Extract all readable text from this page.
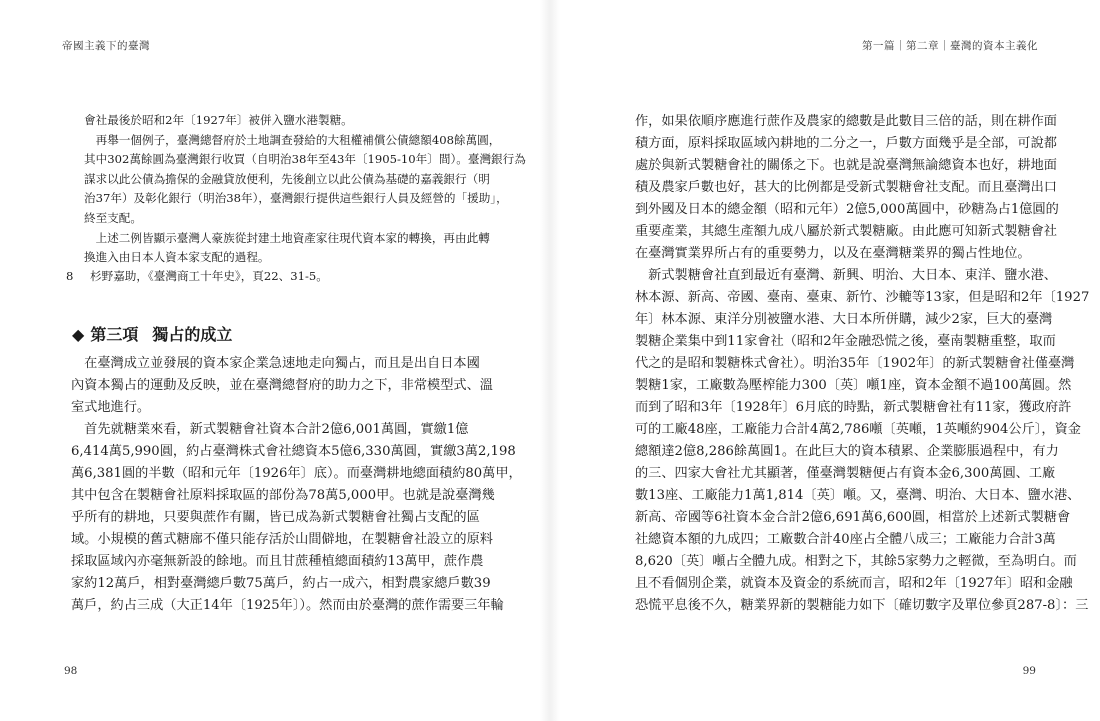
帝國主義下的臺灣
會社最後於昭和2年〔1927年〕被併入鹽水港製糖。
　再舉一個例子，臺灣總督府於土地調查發給的大租權補償公債總額408餘萬圓，
其中302萬餘圓為臺灣銀行收買（自明治38年至43年〔1905-10年〕間）。臺灣銀行為
謀求以此公債為擔保的金融貸放便利，先後創立以此公債為基礎的嘉義銀行（明
治37年）及彰化銀行（明治38年），臺灣銀行提供這些銀行人員及經營的「援助」，
終至支配。
　上述二例皆顯示臺灣人豪族從封建土地資產家往現代資本家的轉換，再由此轉
換進入由日本人資本家支配的過程。
8 杉野嘉助，《臺灣商工十年史》，頁22、31-5。
◆ 第三項 獨占的成立
　在臺灣成立並發展的資本家企業急速地走向獨占，而且是出自日本國
內資本獨占的運動及反映，並在臺灣總督府的助力之下，非常模型式、溫
室式地進行。
　首先就糖業來看，新式製糖會社資本合計2億6,001萬圓，實繳1億
6,414萬5,990圓，約占臺灣株式會社總資本5億6,330萬圓，實繳3萬2,198
萬6,381圓的半數（昭和元年〔1926年〕底）。而臺灣耕地總面積約80萬甲，
其中包含在製糖會社原料採取區的部份為78萬5,000甲。也就是說臺灣幾
乎所有的耕地，只要與蔗作有關，皆已成為新式製糖會社獨占支配的區
域。小規模的舊式糖廍不僅只能存活於山間僻地，在製糖會社設立的原料
採取區域內亦毫無新設的餘地。而且甘蔗種植總面積約13萬甲，蔗作農
家約12萬戶，相對臺灣總戶數75萬戶，約占一成六，相對農家總戶數39
萬戶，約占三成（大正14年〔1925年〕）。然而由於臺灣的蔗作需要三年輪
98
第一篇｜第二章｜臺灣的資本主義化
作，如果依順序應進行蔗作及農家的總數是此數目三倍的話，則在耕作面
積方面，原料採取區域內耕地的二分之一，戶數方面幾乎是全部，可說都
處於與新式製糖會社的關係之下。也就是說臺灣無論總資本也好，耕地面
積及農家戶數也好，甚大的比例都是受新式製糖會社支配。而且臺灣出口
到外國及日本的總金額（昭和元年）2億5,000萬圓中，砂糖為占1億圓的
重要產業，其總生產額九成八屬於新式製糖廠。由此應可知新式製糖會社
在臺灣實業界所占有的重要勢力，以及在臺灣糖業界的獨占性地位。
　新式製糖會社直到最近有臺灣、新興、明治、大日本、東洋、鹽水港、
林本源、新高、帝國、臺南、臺東、新竹、沙轆等13家，但是昭和2年〔1927
年〕林本源、東洋分別被鹽水港、大日本所併購，減少2家，巨大的臺灣
製糖企業集中到11家會社（昭和2年金融恐慌之後，臺南製糖重整，取而
代之的是昭和製糖株式會社）。明治35年〔1902年〕的新式製糖會社僅臺灣
製糖1家，工廠數為壓榨能力300〔英〕噸1座，資本金額不過100萬圓。然
而到了昭和3年〔1928年〕6月底的時點，新式製糖會社有11家，獲政府許
可的工廠48座，工廠能力合計4萬2,786噸〔英噸，1英噸約904公斤〕，資金
總額達2億8,286餘萬圓1。在此巨大的資本積累、企業膨脹過程中，有力
的三、四家大會社尤其顯著，僅臺灣製糖便占有資本金6,300萬圓、工廠
數13座、工廠能力1萬1,814〔英〕噸。又，臺灣、明治、大日本、鹽水港、
新高、帝國等6社資本金合計2億6,691萬6,600圓，相當於上述新式製糖會
社總資本額的九成四；工廠數合計40座占全體八成三；工廠能力合計3萬
8,620〔英〕噸占全體九成。相對之下，其餘5家勢力之輕微，至為明白。而
且不看個別企業，就資本及資金的系統而言，昭和2年〔1927年〕昭和金融
恐慌平息後不久，糖業界新的製糖能力如下〔確切數字及單位參頁287-8〕：三
99
